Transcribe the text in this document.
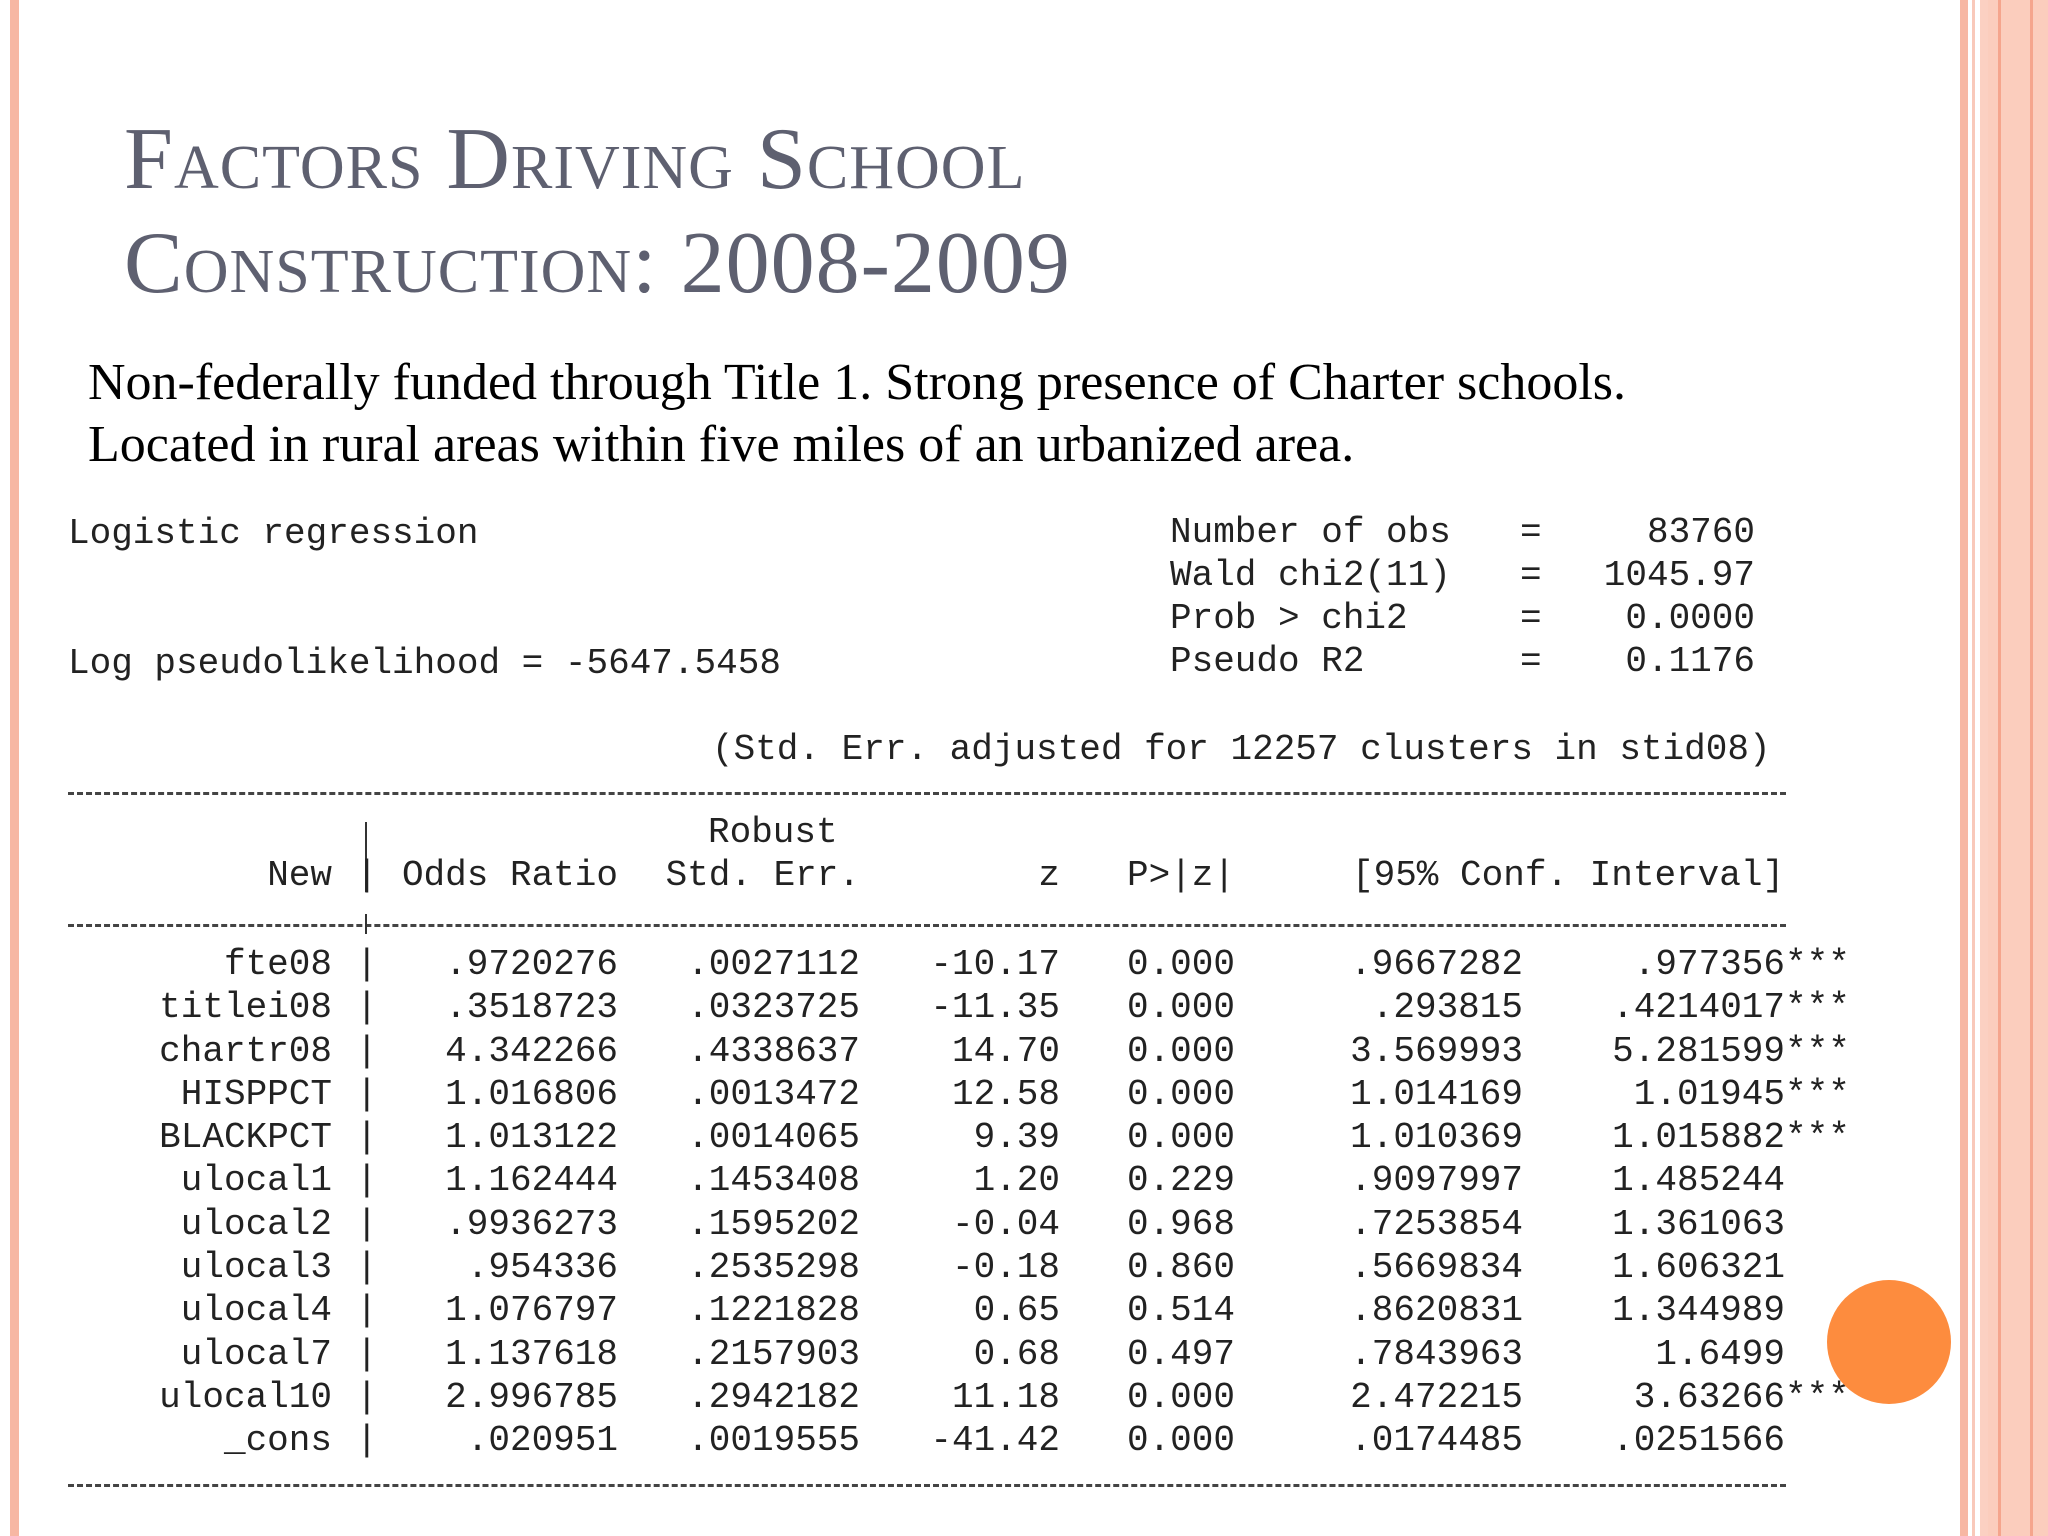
Factors Driving School
Construction: 2008-2009
Non-federally funded through Title 1. Strong presence of Charter schools.
Located in rural areas within five miles of an urbanized area.
Logistic regression
Log pseudolikelihood = -5647.5458
Number of obs =	83760
Wald chi2(11) = 1045.97
Prob > chi2	= 0.0000
Pseudo R2	= 0.1176
(Std. Err. adjusted for 12257 clusters in stid08)
Robust
New | Odds Ratio Std. Err.	z P>|z|	[95% Conf. Interval]
fte08 | .9720276 .0027112 -10.17 0.000	.9667282	.977356 ***
titlei08 | .3518723 .0323725 -11.35 0.000	.293815	.4214017 ***
chartr08 | 4.342266 .4338637	14.70 0.000	3.569993	5.281599 ***
HISPPCT | 1.016806 .0013472	12.58 0.000	1.014169	1.01945 ***
BLACKPCT | 1.013122 .0014065	9.39 0.000	1.010369	1.015882 ***
ulocal1 | 1.162444 .1453408	1.20 0.229	.9097997	1.485244
ulocal2 | .9936273 .1595202	-0.04 0.968	.7253854	1.361063
ulocal3 | .954336 .2535298	-0.18 0.860	.5669834	1.606321
ulocal4 | 1.076797 .1221828	0.65 0.514	.8620831	1.344989
ulocal7 | 1.137618 .2157903	0.68 0.497	.7843963	1.6499
ulocal10 | 2.996785 .2942182	11.18 0.000	2.472215	3.63266 ***
_cons | .020951 .0019555 -41.42 0.000	.0174485	.0251566
